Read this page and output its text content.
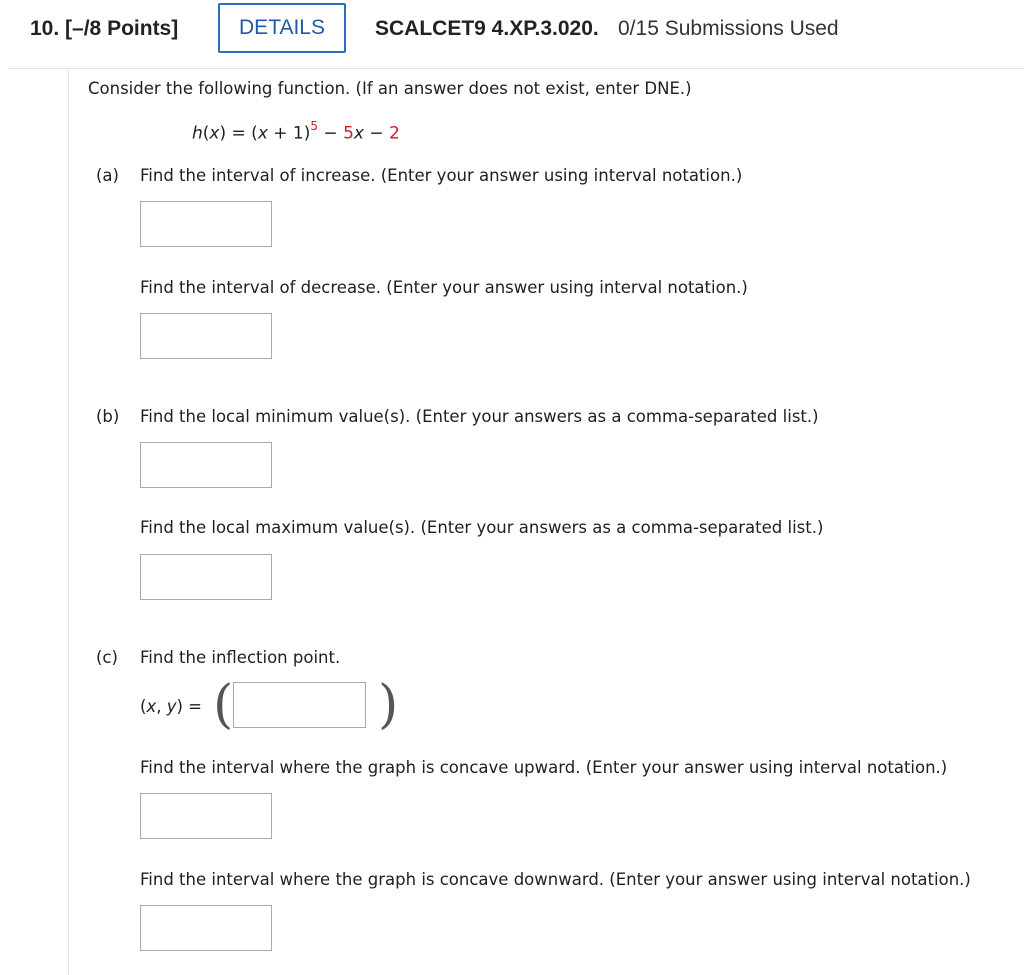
10. [–/8 Points]	DETAILS	SCALCET9 4.XP.3.020. 0/15 Submissions Used
Consider the following function. (If an answer does not exist, enter DNE.)
$h(x) = (x + 1)^5 - 5x - 2$
(a) Find the interval of increase. (Enter your answer using interval notation.)
Find the interval of decrease. (Enter your answer using interval notation.)
(b) Find the local minimum value(s). (Enter your answers as a comma-separated list.)
Find the local maximum value(s). (Enter your answers as a comma-separated list.)
(c) Find the inflection point.
(x, y) = (	)
Find the interval where the graph is concave upward. (Enter your answer using interval notation.)
Find the interval where the graph is concave downward. (Enter your answer using interval notation.)
